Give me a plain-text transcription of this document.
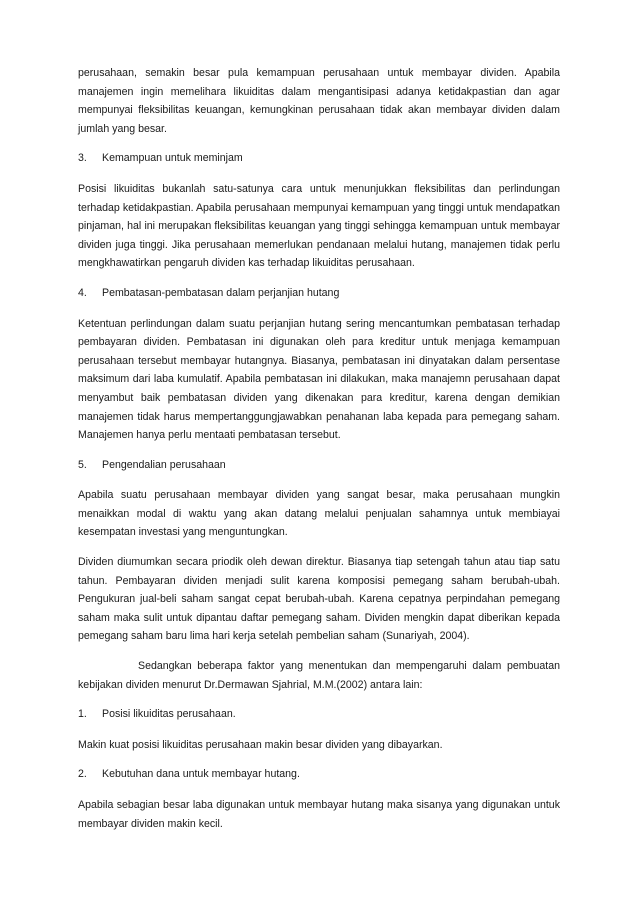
perusahaan, semakin besar pula kemampuan perusahaan untuk membayar dividen. Apabila manajemen ingin memelihara likuiditas dalam mengantisipasi adanya ketidakpastian dan agar mempunyai fleksibilitas keuangan, kemungkinan perusahaan tidak akan membayar dividen dalam jumlah yang besar.

3.	Kemampuan untuk meminjam

Posisi likuiditas bukanlah satu-satunya cara untuk menunjukkan fleksibilitas dan perlindungan terhadap ketidakpastian. Apabila perusahaan mempunyai kemampuan yang tinggi untuk mendapatkan pinjaman, hal ini merupakan fleksibilitas keuangan yang tinggi sehingga kemampuan untuk membayar dividen juga tinggi. Jika perusahaan memerlukan pendanaan melalui hutang, manajemen tidak perlu mengkhawatirkan pengaruh dividen kas terhadap likuiditas perusahaan.

4.	Pembatasan-pembatasan dalam perjanjian hutang

Ketentuan perlindungan dalam suatu perjanjian hutang sering mencantumkan pembatasan terhadap pembayaran dividen. Pembatasan ini digunakan oleh para kreditur untuk menjaga kemampuan perusahaan tersebut membayar hutangnya. Biasanya, pembatasan ini dinyatakan dalam persentase maksimum dari laba kumulatif. Apabila pembatasan ini dilakukan, maka manajemn perusahaan dapat menyambut baik pembatasan dividen yang dikenakan para kreditur, karena dengan demikian manajemen tidak harus mempertanggungjawabkan penahanan laba kepada para pemegang saham. Manajemen hanya perlu mentaati pembatasan tersebut.

5.	Pengendalian perusahaan

Apabila suatu perusahaan membayar dividen yang sangat besar, maka perusahaan mungkin menaikkan modal di waktu yang akan datang melalui penjualan sahamnya untuk membiayai kesempatan investasi yang menguntungkan.

Dividen diumumkan secara priodik oleh dewan direktur. Biasanya tiap setengah tahun atau tiap satu tahun. Pembayaran dividen menjadi sulit karena komposisi pemegang saham berubah-ubah. Pengukuran jual-beli saham sangat cepat berubah-ubah. Karena cepatnya perpindahan pemegang saham maka sulit untuk dipantau daftar pemegang saham. Dividen mengkin dapat diberikan kepada pemegang saham baru lima hari kerja setelah pembelian saham (Sunariyah, 2004).

Sedangkan beberapa faktor yang menentukan dan mempengaruhi dalam pembuatan kebijakan dividen menurut Dr.Dermawan Sjahrial, M.M.(2002) antara lain:

1.	Posisi likuiditas perusahaan.

Makin kuat posisi likuiditas perusahaan makin besar dividen yang dibayarkan.

2.	Kebutuhan dana untuk membayar hutang.

Apabila sebagian besar laba digunakan untuk membayar hutang maka sisanya yang digunakan untuk membayar dividen makin kecil.
